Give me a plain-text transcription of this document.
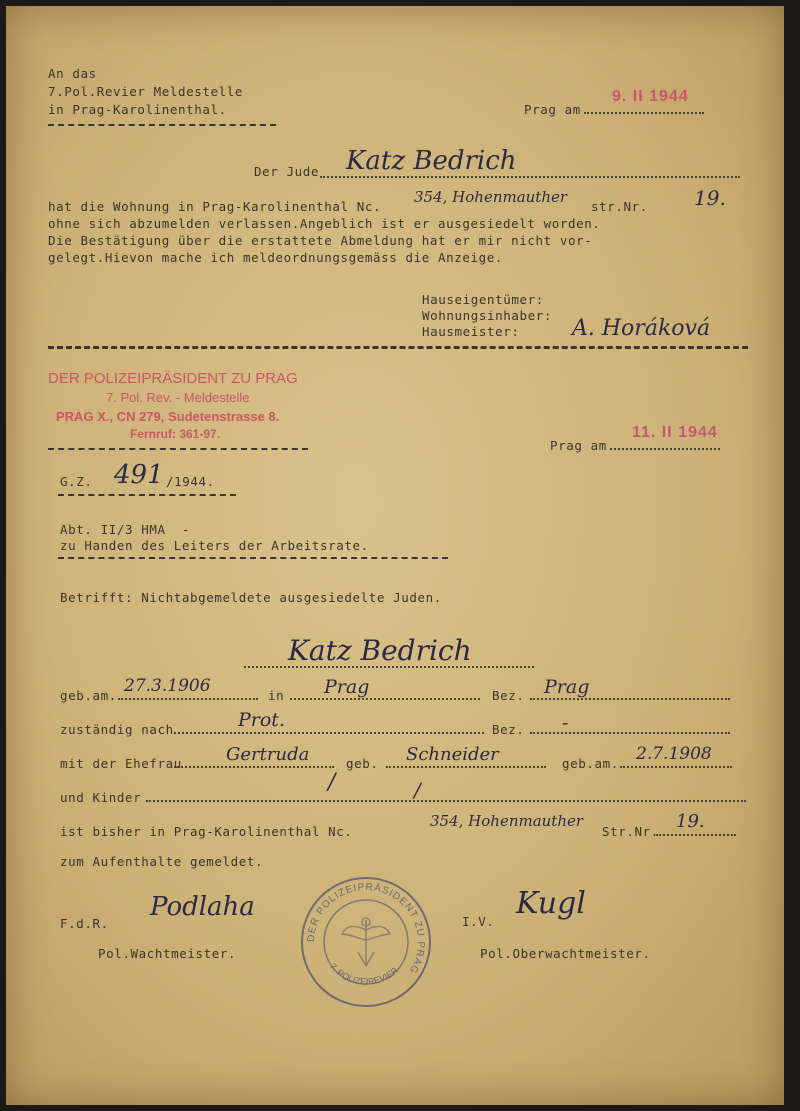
An das
7.Pol.Revier Meldestelle
in Prag-Karolinenthal.	Prag am
9. II 1944
Der Jude Katz Bedrich
hat die Wohnung in Prag-Karolinenthal Nc.
354, Hohenmauther
str.Nr. 19.
ohne sich abzumelden verlassen.Angeblich ist er ausgesiedelt worden.
Die Bestätigung über die erstattete Abmeldung hat er mir nicht vor-
gelegt.Hievon mache ich meldeordnungsgemäss die Anzeige.
Hauseigentümer:
Wohnungsinhaber:
Hausmeister: A. Horáková
DER POLIZEIPRÄSIDENT ZU PRAG
7. Pol. Rev. - Meldestelle
PRAG X., CN 279, Sudetenstrasse 8.
Fernruf: 361-97.
Prag am
11. II 1944
G.Z. 491 /1944.
Abt. II/3 HMA  -
zu Handen des Leiters der Arbeitsrate.
Betrifft: Nichtabgemeldete ausgesiedelte Juden.
Katz Bedrich
geb.am. 27.3.1906	in Prag	Bez. Prag
zuständig nach	Prot.	Bez. -
mit der Ehefrau Gertruda	geb. Schneider	geb.am. 2.7.1908
und Kinder
/	/
ist bisher in Prag-Karolinenthal Nc.
354, Hohenmauther
Str.Nr. 19.
zum Aufenthalte gemeldet.
F.d.R.
Podlaha
Pol.Wachtmeister.
I.V.
Kugl
Pol.Oberwachtmeister.
DER POLIZEIPRÄSIDENT ZU PRAG
7. POLIZEIREVIER
